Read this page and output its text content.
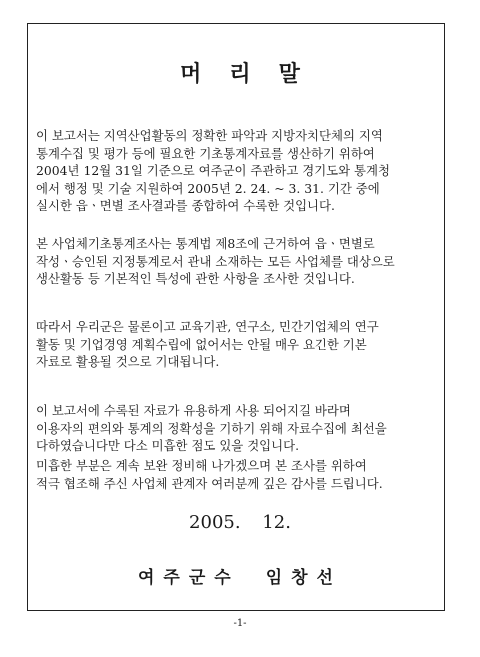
머리말
이 보고서는 지역산업활동의 정확한 파악과 지방자치단체의 지역
통계수집 및 평가 등에 필요한 기초통계자료를 생산하기 위하여
2004년 12월 31일 기준으로 여주군이 주관하고 경기도와 통계청
에서 행정 및 기술 지원하여 2005년 2. 24. ~ 3. 31. 기간 중에
실시한 읍ㆍ면별 조사결과를 종합하여 수록한 것입니다.
본 사업체기초통계조사는 통계법 제8조에 근거하여 읍ㆍ면별로
작성ㆍ승인된 지정통계로서 관내 소재하는 모든 사업체를 대상으로
생산활동 등 기본적인 특성에 관한 사항을 조사한 것입니다.
따라서 우리군은 물론이고 교육기관, 연구소, 민간기업체의 연구
활동 및 기업경영 계획수립에 없어서는 안될 매우 요긴한 기본
자료로 활용될 것으로 기대됩니다.
이 보고서에 수록된 자료가 유용하게 사용 되어지길 바라며
이용자의 편의와 통계의 정확성을 기하기 위해 자료수집에 최선을
다하였습니다만 다소 미흡한 점도 있을 것입니다.
미흡한 부분은 계속 보완 정비해 나가겠으며 본 조사를 위하여
적극 협조해 주신 사업체 관계자 여러분께 깊은 감사를 드립니다.
2005. 12.
여주군수 임창선
-1-
